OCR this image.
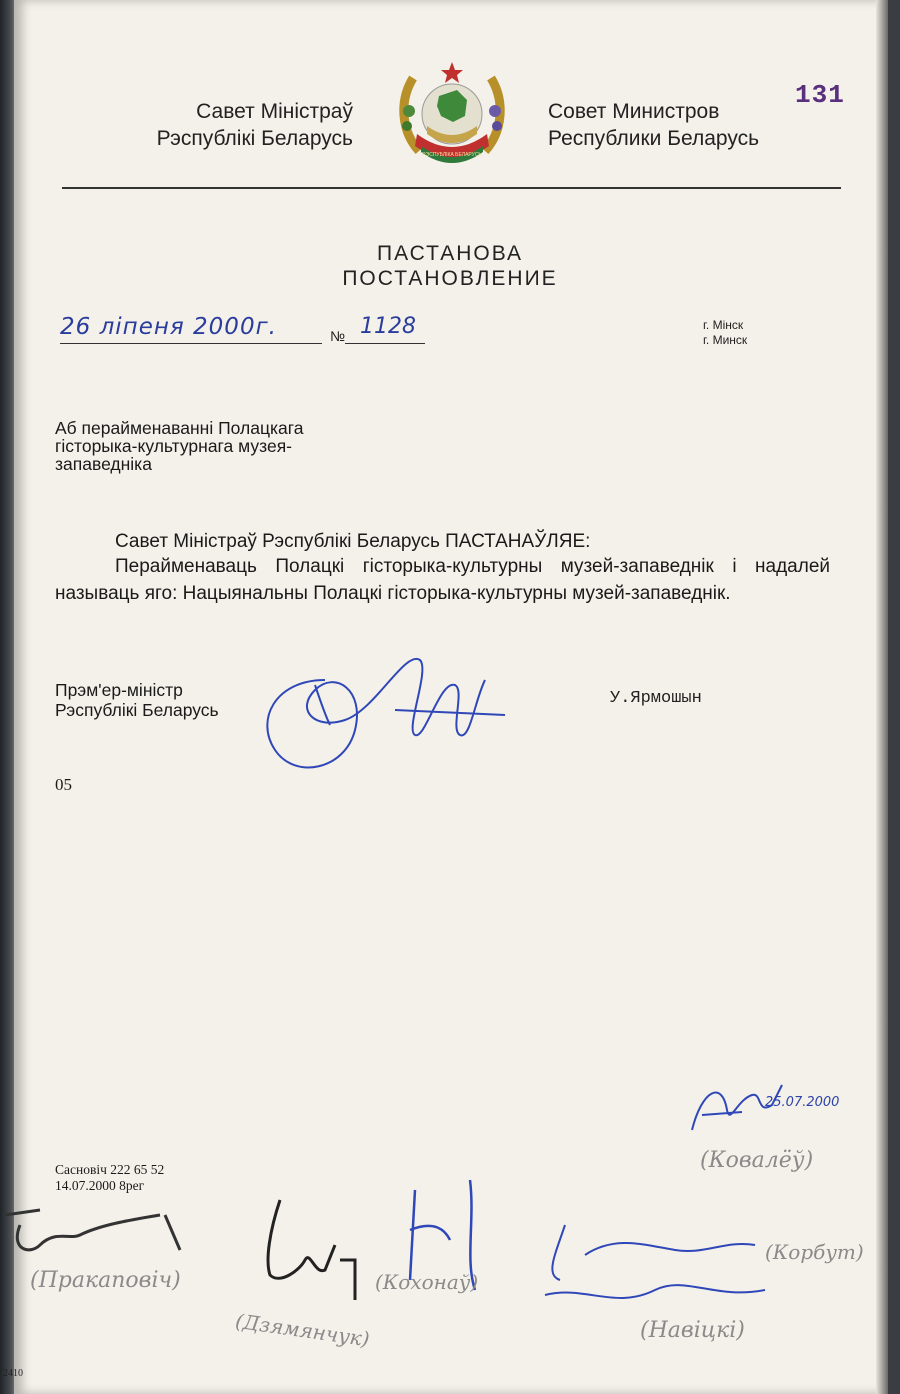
Савет Міністраў
Рэспублікі Беларусь
РЭСПУБЛІКА БЕЛАРУСЬ
Совет Министров
Республики Беларусь
131
ПАСТАНОВА
ПОСТАНОВЛЕНИЕ
26 ліпеня 2000г.	№ 1128	г. Мінск
г. Минск
Аб перайменаванні Полацкага гісторыка-культурнага музея-запаведніка
Савет Міністраў Рэспублікі Беларусь ПАСТАНАЎЛЯЕ:
Перайменаваць Полацкі гісторыка-культурны музей-запаведнік і надалей называць яго: Нацыянальны Полацкі гісторыка-культурны музей-запаведнік.
Прэм'ер-міністр
Рэспублікі Беларусь
У.Ярмошын
05
Сасновіч 222 65 52
14.07.2000 8рег
2410
25.07.2000
(Ковалёў)
(Пракаповіч)
(Дзямянчук)
(Кохонаў)
(Корбут)
(Навіцкі)
